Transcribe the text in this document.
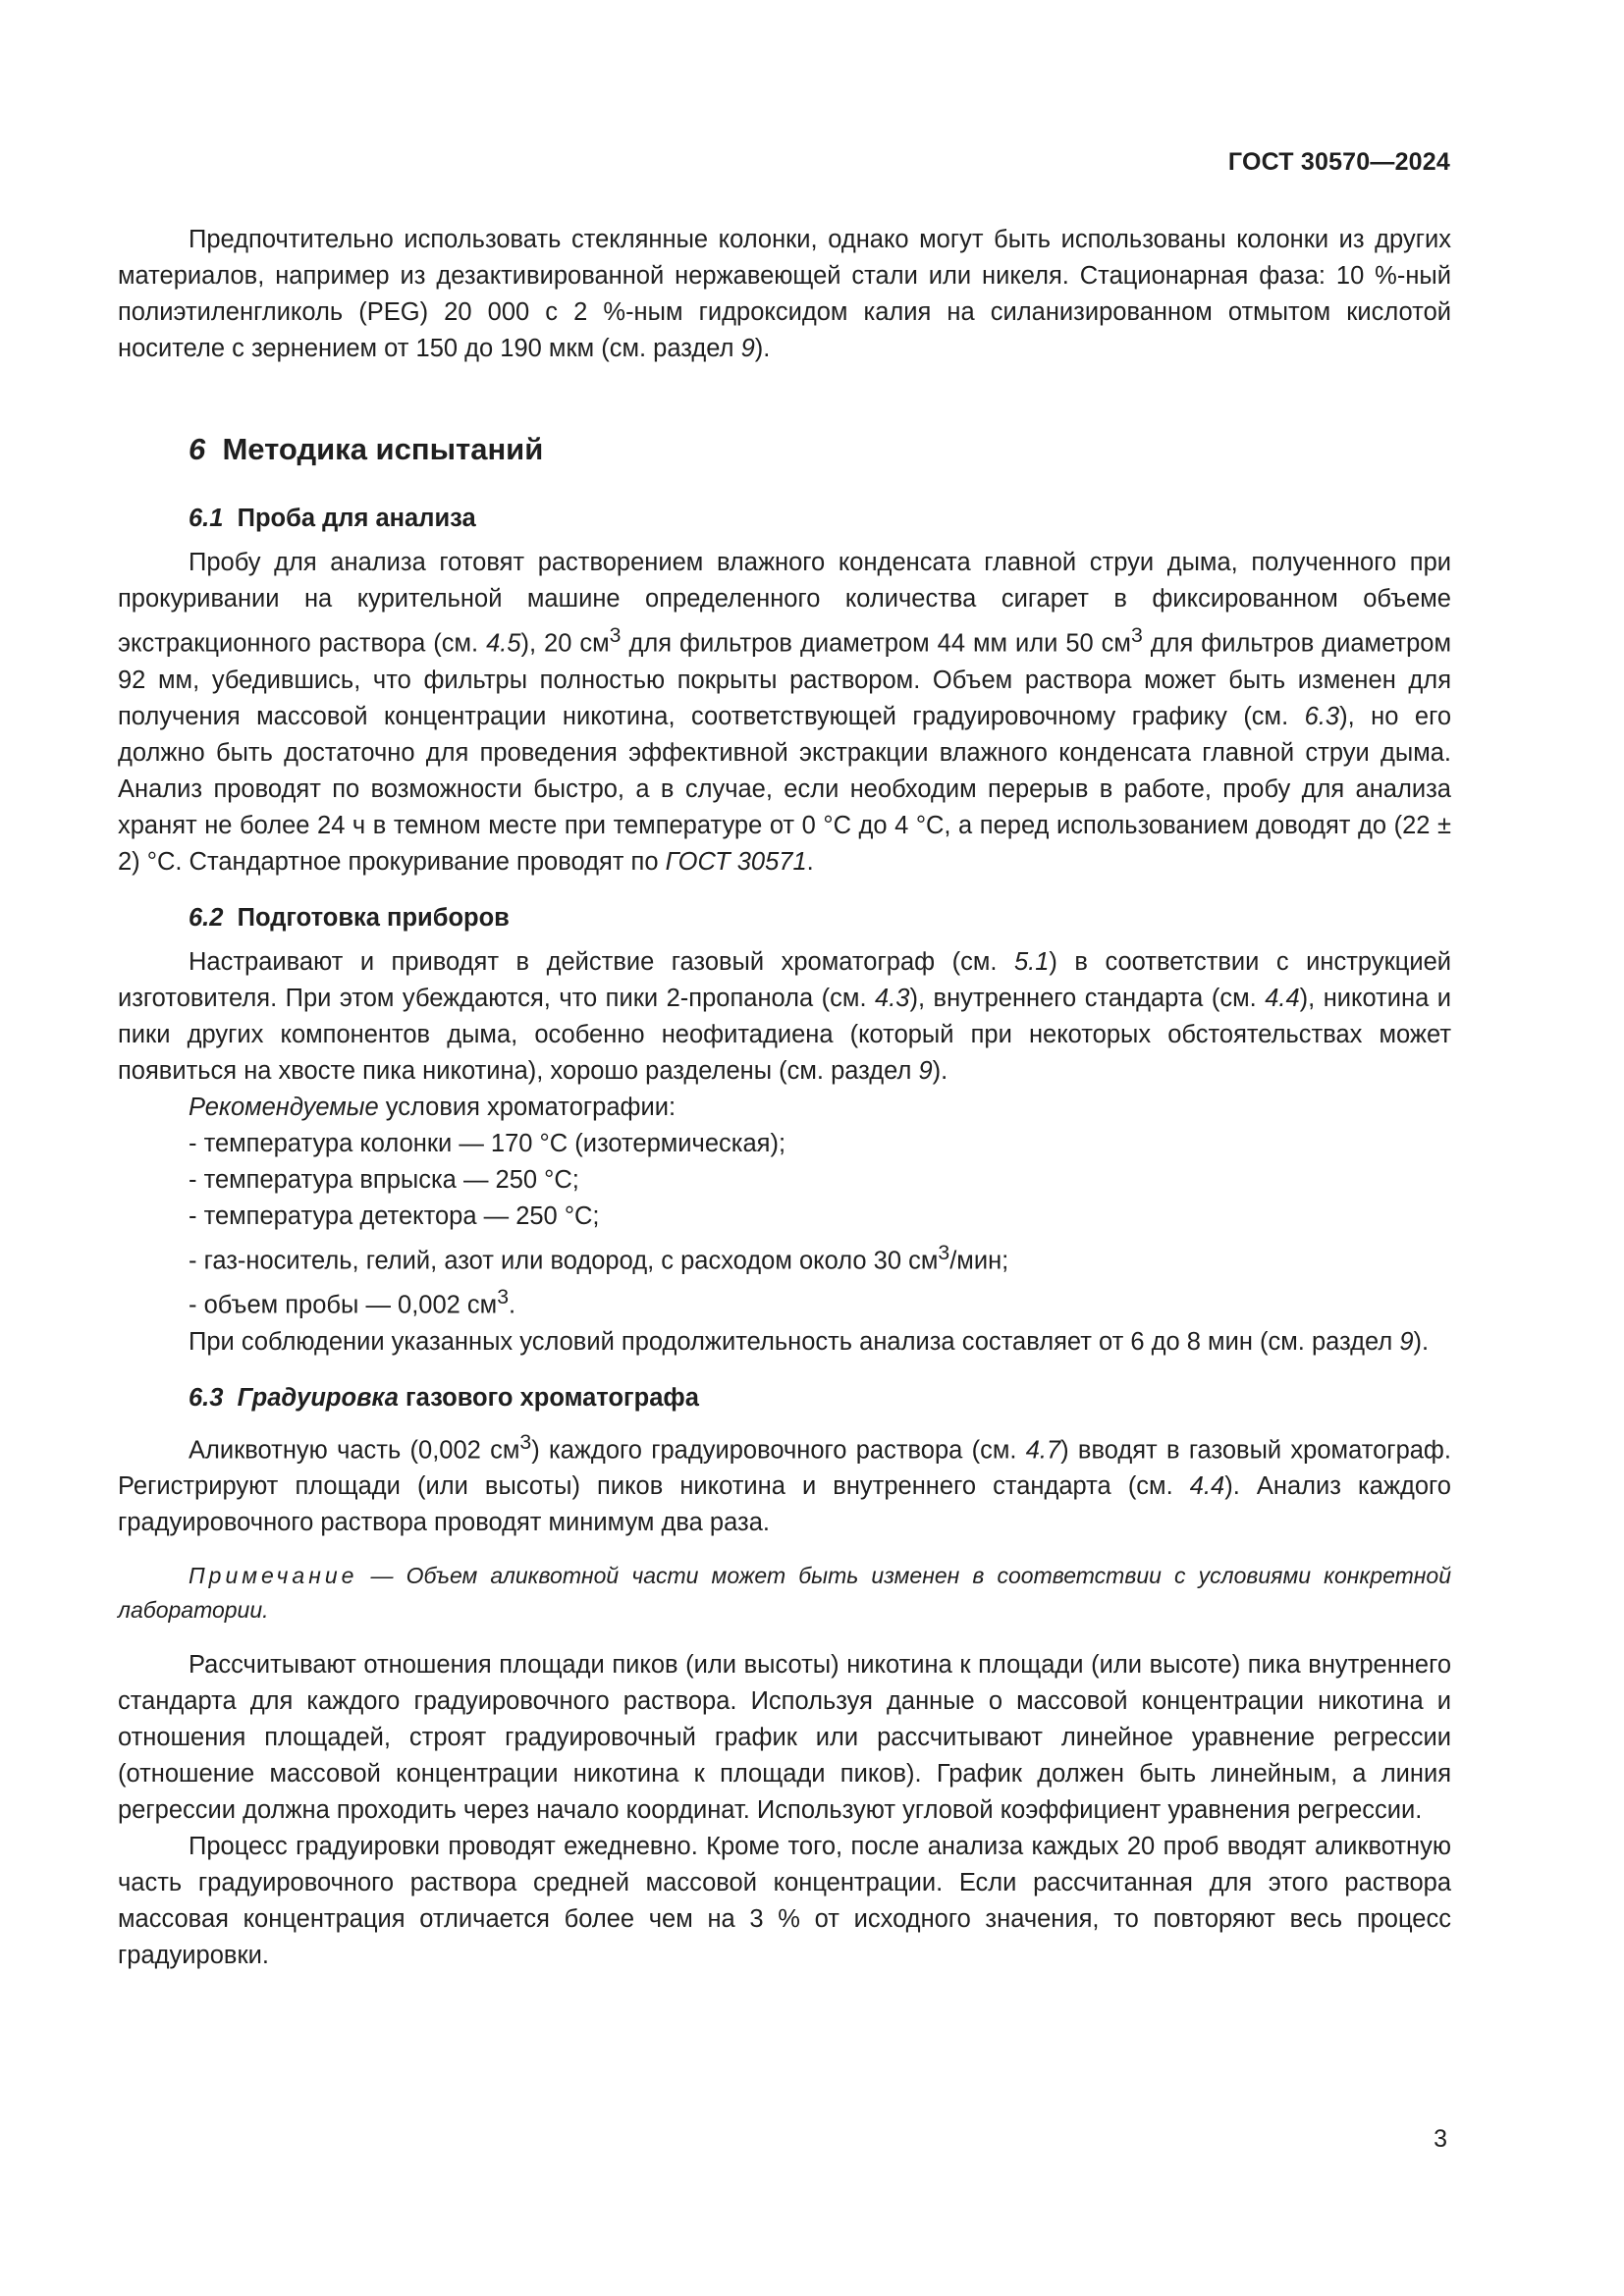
ГОСТ 30570—2024

Предпочтительно использовать стеклянные колонки, однако могут быть использованы колонки из других материалов, например из дезактивированной нержавеющей стали или никеля. Стационарная фаза: 10 %-ный полиэтиленгликоль (PEG) 20 000 с 2 %-ным гидроксидом калия на силанизированном отмытом кислотой носителе с зернением от 150 до 190 мкм (см. раздел 9).

6 Методика испытаний
6.1 Проба для анализа

Пробу для анализа готовят растворением влажного конденсата главной струи дыма, полученного при прокуривании на курительной машине определенного количества сигарет в фиксированном объеме экстракционного раствора (см. 4.5), 20 $см^3$ для фильтров диаметром 44 мм или 50 $см^3$ для фильтров диаметром 92 мм, убедившись, что фильтры полностью покрыты раствором. Объем раствора может быть изменен для получения массовой концентрации никотина, соответствующей градуировочному графику (см. 6.3), но его должно быть достаточно для проведения эффективной экстракции влажного конденсата главной струи дыма. Анализ проводят по возможности быстро, а в случае, если необходим перерыв в работе, пробу для анализа хранят не более 24 ч в темном месте при температуре от 0 °С до 4 °С, а перед использованием доводят до (22 ± 2) °С. Стандартное прокуривание проводят по ГОСТ 30571.

6.2 Подготовка приборов

Настраивают и приводят в действие газовый хроматограф (см. 5.1) в соответствии с инструкцией изготовителя. При этом убеждаются, что пики 2-пропанола (см. 4.3), внутреннего стандарта (см. 4.4), никотина и пики других компонентов дыма, особенно неофитадиена (который при некоторых обстоятельствах может появиться на хвосте пика никотина), хорошо разделены (см. раздел 9).

Рекомендуемые условия хроматографии:

- температура колонки — 170 °С (изотермическая);

- температура впрыска — 250 °С;

- температура детектора — 250 °С;

- газ-носитель, гелий, азот или водород, с расходом около 30 $см^3$/мин;

- объем пробы — 0,002 $см^3$.

При соблюдении указанных условий продолжительность анализа составляет от 6 до 8 мин (см. раздел 9).

6.3 Градуировка газового хроматографа

Аликвотную часть (0,002 $см^3$) каждого градуировочного раствора (см. 4.7) вводят в газовый хроматограф. Регистрируют площади (или высоты) пиков никотина и внутреннего стандарта (см. 4.4). Анализ каждого градуировочного раствора проводят минимум два раза.

Примечание — Объем аликвотной части может быть изменен в соответствии с условиями конкретной лаборатории.

Рассчитывают отношения площади пиков (или высоты) никотина к площади (или высоте) пика внутреннего стандарта для каждого градуировочного раствора. Используя данные о массовой концентрации никотина и отношения площадей, строят градуировочный график или рассчитывают линейное уравнение регрессии (отношение массовой концентрации никотина к площади пиков). График должен быть линейным, а линия регрессии должна проходить через начало координат. Используют угловой коэффициент уравнения регрессии.

Процесс градуировки проводят ежедневно. Кроме того, после анализа каждых 20 проб вводят аликвотную часть градуировочного раствора средней массовой концентрации. Если рассчитанная для этого раствора массовая концентрация отличается более чем на 3 % от исходного значения, то повторяют весь процесс градуировки.

3
